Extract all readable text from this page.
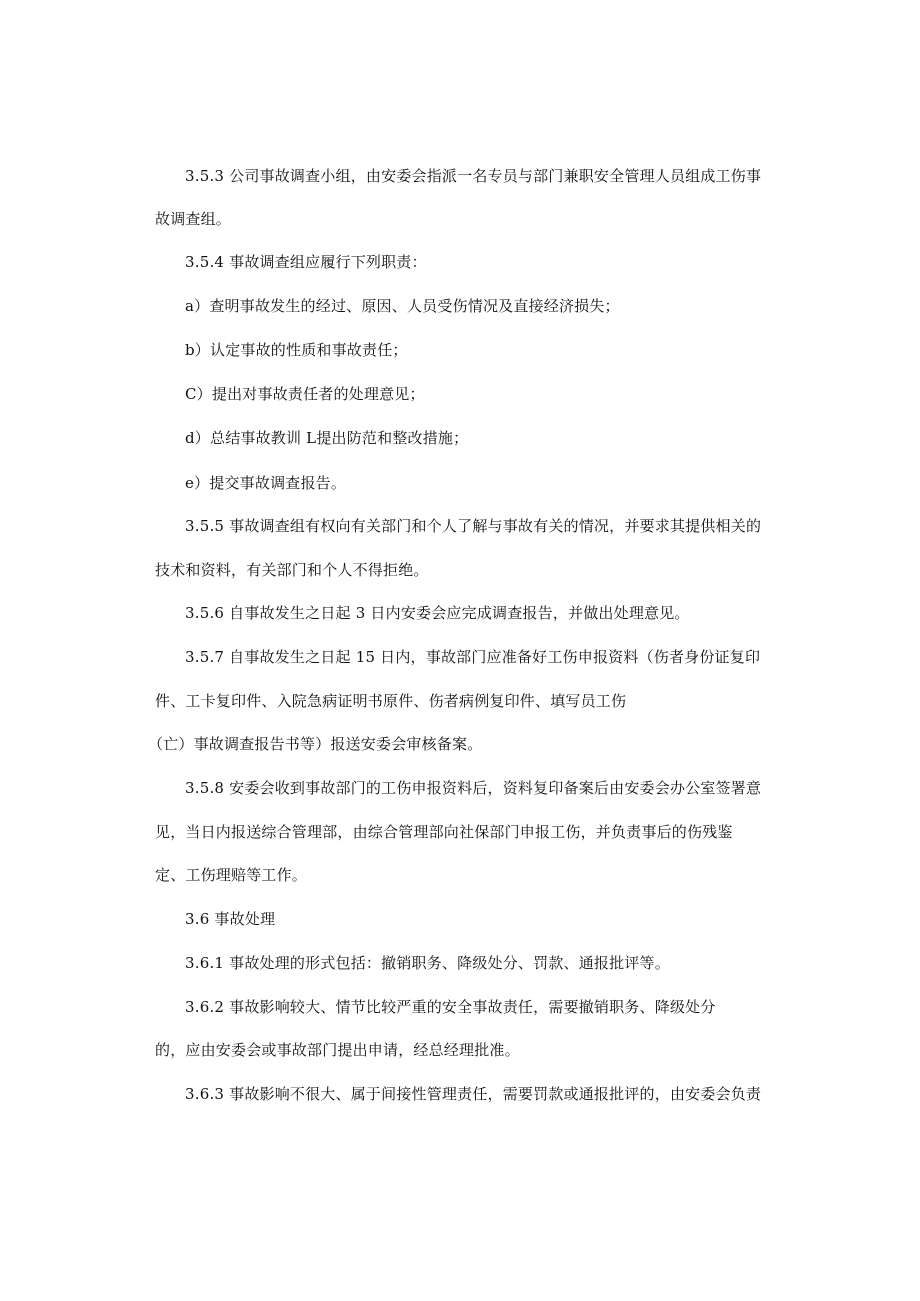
3.5.3 公司事故调查小组，由安委会指派一名专员与部门兼职安全管理人员组成工伤事
故调查组。
3.5.4 事故调查组应履行下列职责：
a）查明事故发生的经过、原因、人员受伤情况及直接经济损失；
b）认定事故的性质和事故责任；
C）提出对事故责任者的处理意见；
d）总结事故教训 L提出防范和整改措施；
e）提交事故调查报告。
3.5.5 事故调查组有权向有关部门和个人了解与事故有关的情况，并要求其提供相关的
技术和资料，有关部门和个人不得拒绝。
3.5.6 自事故发生之日起 3 日内安委会应完成调查报告，并做出处理意见。
3.5.7 自事故发生之日起 15 日内，事故部门应准备好工伤申报资料（伤者身份证复印
件、工卡复印件、入院急病证明书原件、伤者病例复印件、填写员工伤
（亡）事故调查报告书等）报送安委会审核备案。
3.5.8 安委会收到事故部门的工伤申报资料后，资料复印备案后由安委会办公室签署意
见，当日内报送综合管理部，由综合管理部向社保部门申报工伤，并负责事后的伤残鉴
定、工伤理赔等工作。
3.6 事故处理
3.6.1 事故处理的形式包括：撤销职务、降级处分、罚款、通报批评等。
3.6.2 事故影响较大、情节比较严重的安全事故责任，需要撤销职务、降级处分
的，应由安委会或事故部门提出申请，经总经理批准。
3.6.3 事故影响不很大、属于间接性管理责任，需要罚款或通报批评的，由安委会负责
